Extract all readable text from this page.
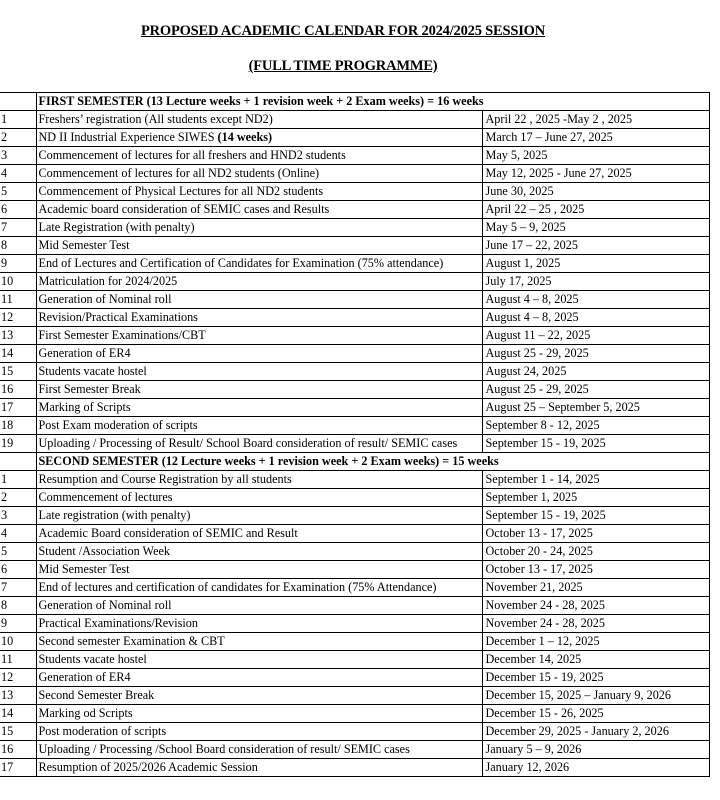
PROPOSED ACADEMIC CALENDAR FOR 2024/2025 SESSION
(FULL TIME PROGRAMME)
	FIRST SEMESTER (13 Lecture weeks + 1 revision week + 2 Exam weeks) = 16 weeks	
1	Freshers’ registration (All students except ND2)	April 22 , 2025 -May 2 , 2025
2	ND II Industrial Experience SIWES (14 weeks)	March 17 – June 27, 2025
3	Commencement of lectures for all freshers and HND2 students	May 5, 2025
4	Commencement of lectures for all ND2 students (Online)	May 12, 2025 - June 27, 2025
5	Commencement of Physical Lectures for all ND2 students	June 30, 2025
6	Academic board consideration of SEMIC cases and Results	April 22 – 25 , 2025
7	Late Registration (with penalty)	May 5 – 9, 2025
8	Mid Semester Test	June 17 – 22, 2025
9	End of Lectures and Certification of Candidates for Examination (75% attendance)	August 1, 2025
10	Matriculation for 2024/2025	July 17, 2025
11	Generation of Nominal roll	August 4 – 8, 2025
12	Revision/Practical Examinations	August 4 – 8, 2025
13	First Semester Examinations/CBT	August 11 – 22, 2025
14	Generation of ER4	August 25 - 29, 2025
15	Students vacate hostel	August 24, 2025
16	First Semester Break	August 25 - 29, 2025
17	Marking of Scripts	August 25 – September 5, 2025
18	Post Exam moderation of scripts	September 8 - 12, 2025
19	Uploading / Processing of Result/ School Board consideration of result/ SEMIC cases	September 15 - 19, 2025
	SECOND SEMESTER (12 Lecture weeks + 1 revision week + 2 Exam weeks) = 15 weeks	
1	Resumption and Course Registration by all students	September 1 - 14, 2025
2	Commencement of lectures	September 1, 2025
3	Late registration (with penalty)	September 15 - 19, 2025
4	Academic Board consideration of SEMIC and Result	October 13 - 17, 2025
5	Student /Association Week	October 20 - 24, 2025
6	Mid Semester Test	October 13 - 17, 2025
7	End of lectures and certification of candidates for Examination (75% Attendance)	November 21, 2025
8	Generation of Nominal roll	November 24 - 28, 2025
9	Practical Examinations/Revision	November 24 - 28, 2025
10	Second semester Examination & CBT	December 1 – 12, 2025
11	Students vacate hostel	December 14, 2025
12	Generation of ER4	December 15 - 19, 2025
13	Second Semester Break	December 15, 2025 – January 9, 2026
14	Marking od Scripts	December 15 - 26, 2025
15	Post moderation of scripts	December 29, 2025 - January 2, 2026
16	Uploading / Processing /School Board consideration of result/ SEMIC cases	January 5 – 9, 2026
17	Resumption of 2025/2026 Academic Session	January 12, 2026
